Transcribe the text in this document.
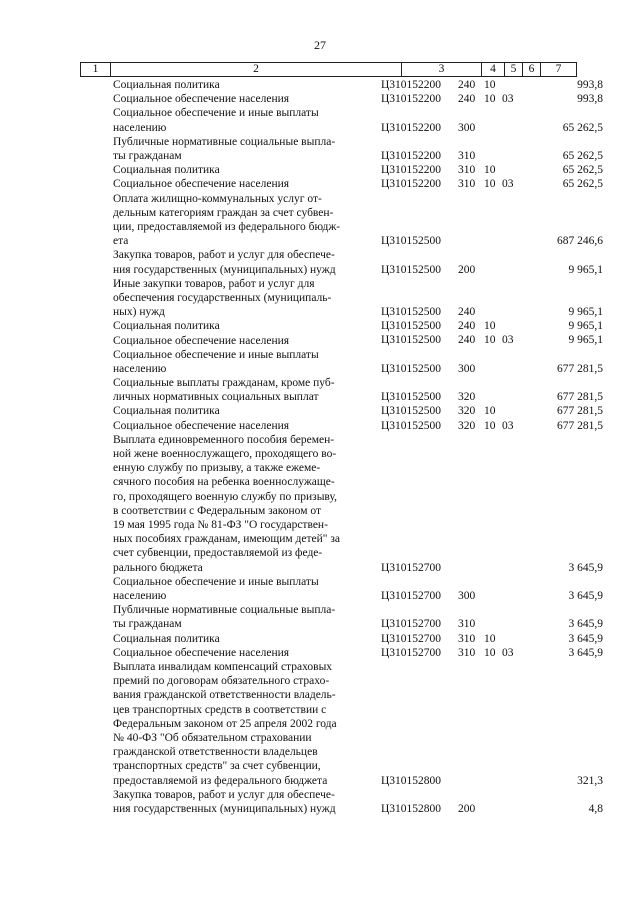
27
1	2	3	4	5	6	7
Социальная политика	Ц310152200 240 10	993,8
Социальное обеспечение населения	Ц310152200 240 10 03	993,8
Социальное обеспечение и иные выплаты
населению	Ц310152200 300	65 262,5
Публичные нормативные социальные выпла-
ты гражданам	Ц310152200 310	65 262,5
Социальная политика	Ц310152200 310 10	65 262,5
Социальное обеспечение населения	Ц310152200 310 10 03	65 262,5
Оплата жилищно-коммунальных услуг от-
дельным категориям граждан за счет субвен-
ции, предоставляемой из федерального бюдж-
ета	Ц310152500	687 246,6
Закупка товаров, работ и услуг для обеспече-
ния государственных (муниципальных) нужд	Ц310152500 200	9 965,1
Иные закупки товаров, работ и услуг для
обеспечения государственных (муниципаль-
ных) нужд	Ц310152500 240	9 965,1
Социальная политика	Ц310152500 240 10	9 965,1
Социальное обеспечение населения	Ц310152500 240 10 03	9 965,1
Социальное обеспечение и иные выплаты
населению	Ц310152500 300	677 281,5
Социальные выплаты гражданам, кроме пуб-
личных нормативных социальных выплат	Ц310152500 320	677 281,5
Социальная политика	Ц310152500 320 10	677 281,5
Социальное обеспечение населения	Ц310152500 320 10 03	677 281,5
Выплата единовременного пособия беремен-
ной жене военнослужащего, проходящего во-
енную службу по призыву, а также ежеме-
сячного пособия на ребенка военнослужаще-
го, проходящего военную службу по призыву,
в соответствии с Федеральным законом от
19 мая 1995 года № 81-ФЗ "О государствен-
ных пособиях гражданам, имеющим детей" за
счет субвенции, предоставляемой из феде-
рального бюджета	Ц310152700	3 645,9
Социальное обеспечение и иные выплаты
населению	Ц310152700 300	3 645,9
Публичные нормативные социальные выпла-
ты гражданам	Ц310152700 310	3 645,9
Социальная политика	Ц310152700 310 10	3 645,9
Социальное обеспечение населения	Ц310152700 310 10 03	3 645,9
Выплата инвалидам компенсаций страховых
премий по договорам обязательного страхо-
вания гражданской ответственности владель-
цев транспортных средств в соответствии с
Федеральным законом от 25 апреля 2002 года
№ 40-ФЗ "Об обязательном страховании
гражданской ответственности владельцев
транспортных средств" за счет субвенции,
предоставляемой из федерального бюджета	Ц310152800	321,3
Закупка товаров, работ и услуг для обеспече-
ния государственных (муниципальных) нужд	Ц310152800 200	4,8
